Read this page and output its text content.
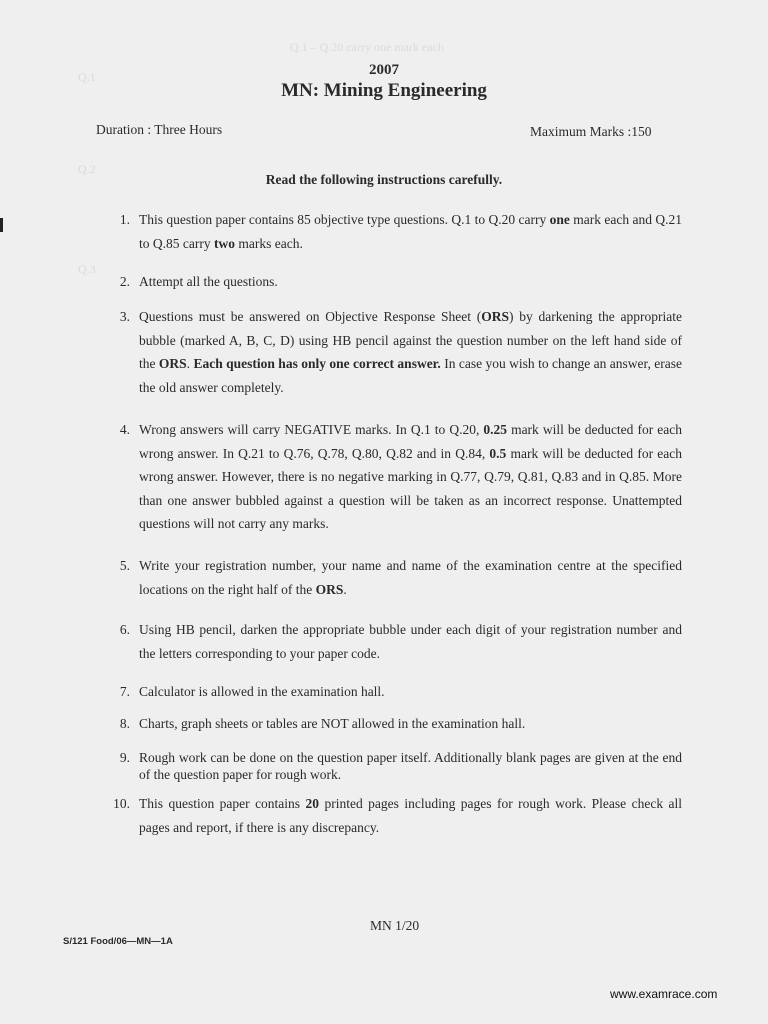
Q.1 – Q.20 carry one mark each
Q.1
Q.2
Q.3
2007
MN: Mining Engineering
Duration : Three Hours	Maximum Marks :150
Read the following instructions carefully.
1. This question paper contains 85 objective type questions. Q.1 to Q.20 carry one mark each and Q.21 to Q.85 carry two marks each.
2. Attempt all the questions.
3. Questions must be answered on Objective Response Sheet (ORS) by darkening the appropriate bubble (marked A, B, C, D) using HB pencil against the question number on the left hand side of the ORS. Each question has only one correct answer. In case you wish to change an answer, erase the old answer completely.
4. Wrong answers will carry NEGATIVE marks. In Q.1 to Q.20, 0.25 mark will be deducted for each wrong answer. In Q.21 to Q.76, Q.78, Q.80, Q.82 and in Q.84, 0.5 mark will be deducted for each wrong answer. However, there is no negative marking in Q.77, Q.79, Q.81, Q.83 and in Q.85. More than one answer bubbled against a question will be taken as an incorrect response. Unattempted questions will not carry any marks.
5. Write your registration number, your name and name of the examination centre at the specified locations on the right half of the ORS.
6. Using HB pencil, darken the appropriate bubble under each digit of your registration number and the letters corresponding to your paper code.
7. Calculator is allowed in the examination hall.
8. Charts, graph sheets or tables are NOT allowed in the examination hall.
9. Rough work can be done on the question paper itself. Additionally blank pages are given at the end of the question paper for rough work.
10. This question paper contains 20 printed pages including pages for rough work. Please check all pages and report, if there is any discrepancy.
MN 1/20
S/121 Food/06—MN—1A
www.examrace.com
